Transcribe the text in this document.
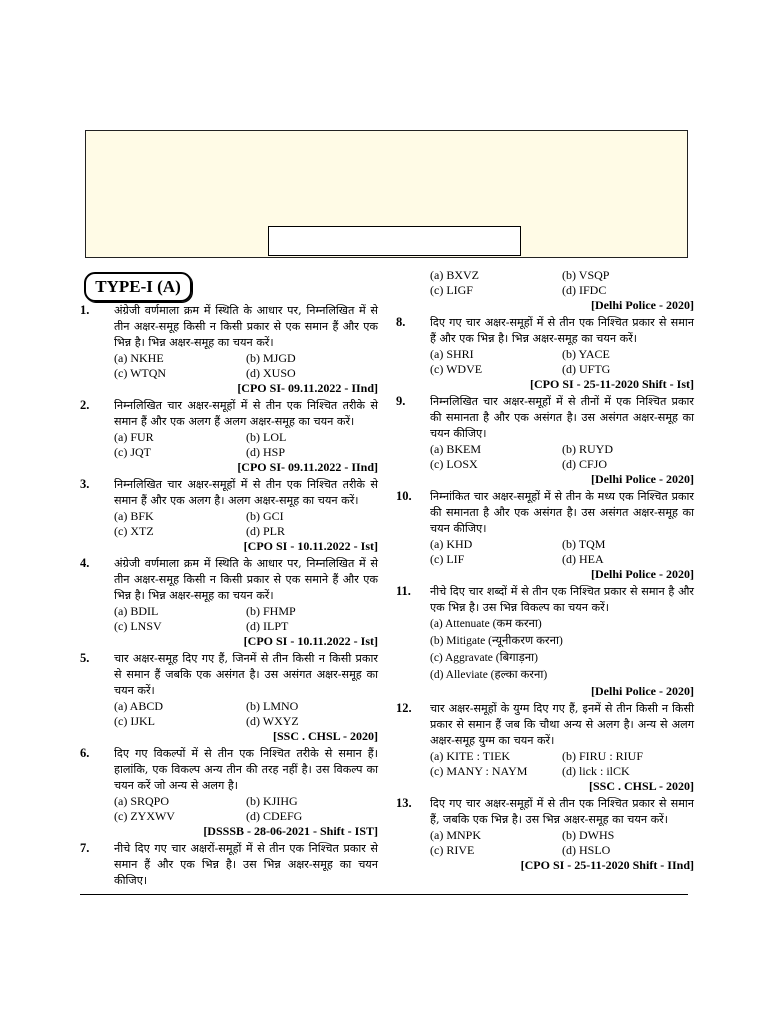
TYPE-I (A)
1. अंग्रेजी वर्णमाला क्रम में स्थिति के आधार पर, निम्नलिखित में से तीन अक्षर-समूह किसी न किसी प्रकार से एक समान हैं और एक भिन्न है। भिन्न अक्षर-समूह का चयन करें।

(a) NKHE	(b) MJGD
(c) WTQN	(d) XUSO
[CPO SI- 09.11.2022 - IInd]
2. निम्नलिखित चार अक्षर-समूहों में से तीन एक निश्चित तरीके से समान हैं और एक अलग हैं अलग अक्षर-समूह का चयन करें।

(a) FUR	(b) LOL
(c) JQT	(d) HSP
[CPO SI- 09.11.2022 - IInd]
3. निम्नलिखित चार अक्षर-समूहों में से तीन एक निश्चित तरीके से समान हैं और एक अलग है। अलग अक्षर-समूह का चयन करें।

(a) BFK	(b) GCI
(c) XTZ	(d) PLR
[CPO SI - 10.11.2022 - Ist]
4. अंग्रेजी वर्णमाला क्रम में स्थिति के आधार पर, निम्नलिखित में से तीन अक्षर-समूह किसी न किसी प्रकार से एक समाने हैं और एक भिन्न है। भिन्न अक्षर-समूह का चयन करें।

(a) BDIL	(b) FHMP
(c) LNSV	(d) ILPT
[CPO SI - 10.11.2022 - Ist]
5. चार अक्षर-समूह दिए गए हैं, जिनमें से तीन किसी न किसी प्रकार से समान हैं जबकि एक असंगत है। उस असंगत अक्षर-समूह का चयन करें।

(a) ABCD	(b) LMNO
(c) IJKL	(d) WXYZ
[SSC . CHSL - 2020]
6. दिए गए विकल्पों में से तीन एक निश्चित तरीके से समान हैं। हालांकि, एक विकल्प अन्य तीन की तरह नहीं है। उस विकल्प का चयन करें जो अन्य से अलग है।

(a) SRQPO	(b) KJIHG
(c) ZYXWV	(d) CDEFG
[DSSSB - 28-06-2021 - Shift - IST]
7. नीचे दिए गए चार अक्षरों-समूहों में से तीन एक निश्चित प्रकार से समान हैं और एक भिन्न है। उस भिन्न अक्षर-समूह का चयन कीजिए।

(a) BXVZ	(b) VSQP
(c) LIGF	(d) IFDC
[Delhi Police - 2020]
8. दिए गए चार अक्षर-समूहों में से तीन एक निश्चित प्रकार से समान हैं और एक भिन्न है। भिन्न अक्षर-समूह का चयन करें।

(a) SHRI	(b) YACE
(c) WDVE	(d) UFTG
[CPO SI - 25-11-2020 Shift - Ist]
9. निम्नलिखित चार अक्षर-समूहों में से तीनों में एक निश्चित प्रकार की समानता है और एक असंगत है। उस असंगत अक्षर-समूह का चयन कीजिए।

(a) BKEM	(b) RUYD
(c) LOSX	(d) CFJO
[Delhi Police - 2020]
10. निम्नांकित चार अक्षर-समूहों में से तीन के मध्य एक निश्चित प्रकार की समानता है और एक असंगत है। उस असंगत अक्षर-समूह का चयन कीजिए।

(a) KHD	(b) TQM
(c) LIF	(d) HEA
[Delhi Police - 2020]
11. नीचे दिए चार शब्दों में से तीन एक निश्चित प्रकार से समान है और एक भिन्न है। उस भिन्न विकल्प का चयन करें।

(a) Attenuate (कम करना)
(b) Mitigate (न्यूनीकरण करना)
(c) Aggravate (बिगाड़ना)
(d) Alleviate (हल्का करना)
[Delhi Police - 2020]
12. चार अक्षर-समूहों के युग्म दिए गए हैं, इनमें से तीन किसी न किसी प्रकार से समान हैं जब कि चौथा अन्य से अलग है। अन्य से अलग अक्षर-समूह युग्म का चयन करें।

(a) KITE : TIEK	(b) FIRU : RIUF
(c) MANY : NAYM	(d) lick : ilCK
[SSC . CHSL - 2020]
13. दिए गए चार अक्षर-समूहों में से तीन एक निश्चित प्रकार से समान हैं, जबकि एक भिन्न है। उस भिन्न अक्षर-समूह का चयन करें।

(a) MNPK	(b) DWHS
(c) RIVE	(d) HSLO
[CPO SI - 25-11-2020 Shift - IInd]
